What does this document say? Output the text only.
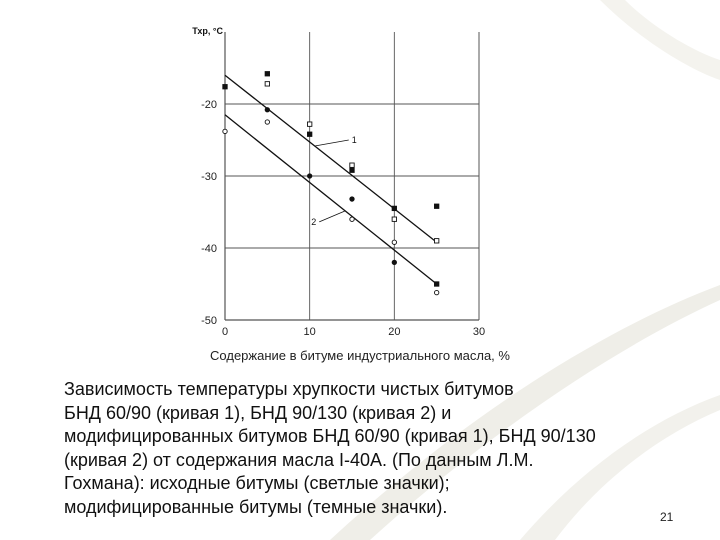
0	10	20	30
-20
-30
-40
-50
Тхр, °С
1
2
Содержание в битуме индустриального масла, %
Зависимость температуры хрупкости чистых битумов
БНД 60/90 (кривая 1), БНД 90/130 (кривая 2) и
модифицированных битумов БНД 60/90 (кривая 1), БНД 90/130
(кривая 2) от содержания масла I-40А. (По данным Л.М.
Гохмана): исходные битумы (светлые значки);
модифицированные битумы (темные значки).
21
